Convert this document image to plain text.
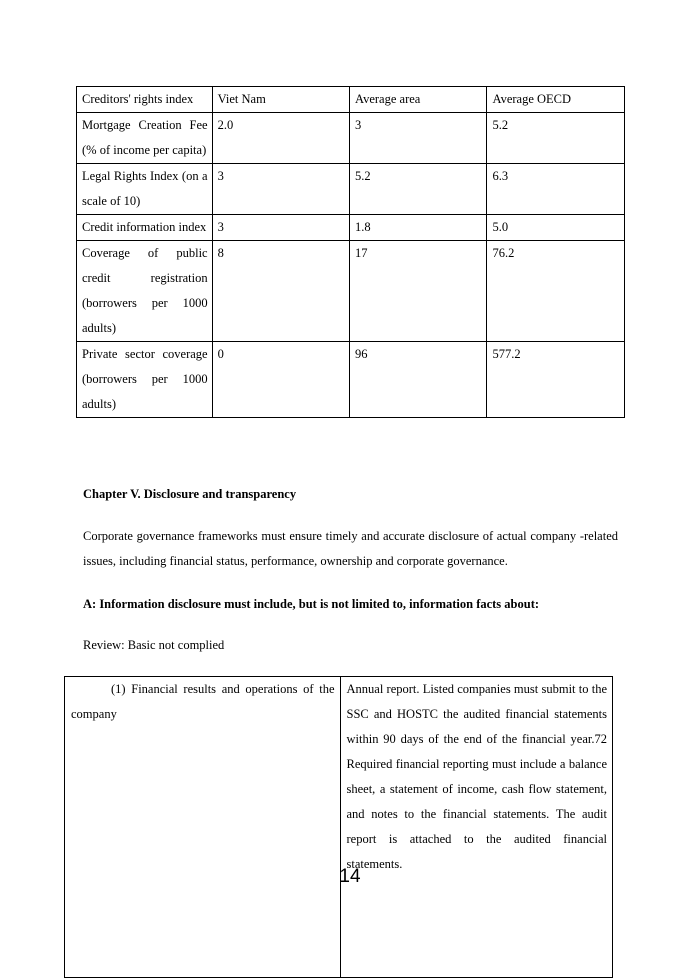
Creditors' rights index	Viet Nam	Average area	Average OECD
Mortgage Creation Fee (% of income per capita)	2.0	3	5.2
Legal Rights Index (on a scale of 10)	3	5.2	6.3
Credit information index	3	1.8	5.0
Coverage of public credit registration (borrowers per 1000 adults)	8	17	76.2
Private sector coverage (borrowers per 1000 adults)	0	96	577.2
Chapter V. Disclosure and transparency
Corporate governance frameworks must ensure timely and accurate disclosure of actual company -related issues, including financial status, performance, ownership and corporate governance.
A: Information disclosure must include, but is not limited to, information facts about:
Review: Basic not complied
(1) Financial results and operations of the company	Annual report. Listed companies must submit to the SSC and HOSTC the audited financial statements within 90 days of the end of the financial year.72 Required financial reporting must include a balance sheet, a statement of income, cash flow statement, and notes to the financial statements. The audit report is attached to the audited financial statements.
14
